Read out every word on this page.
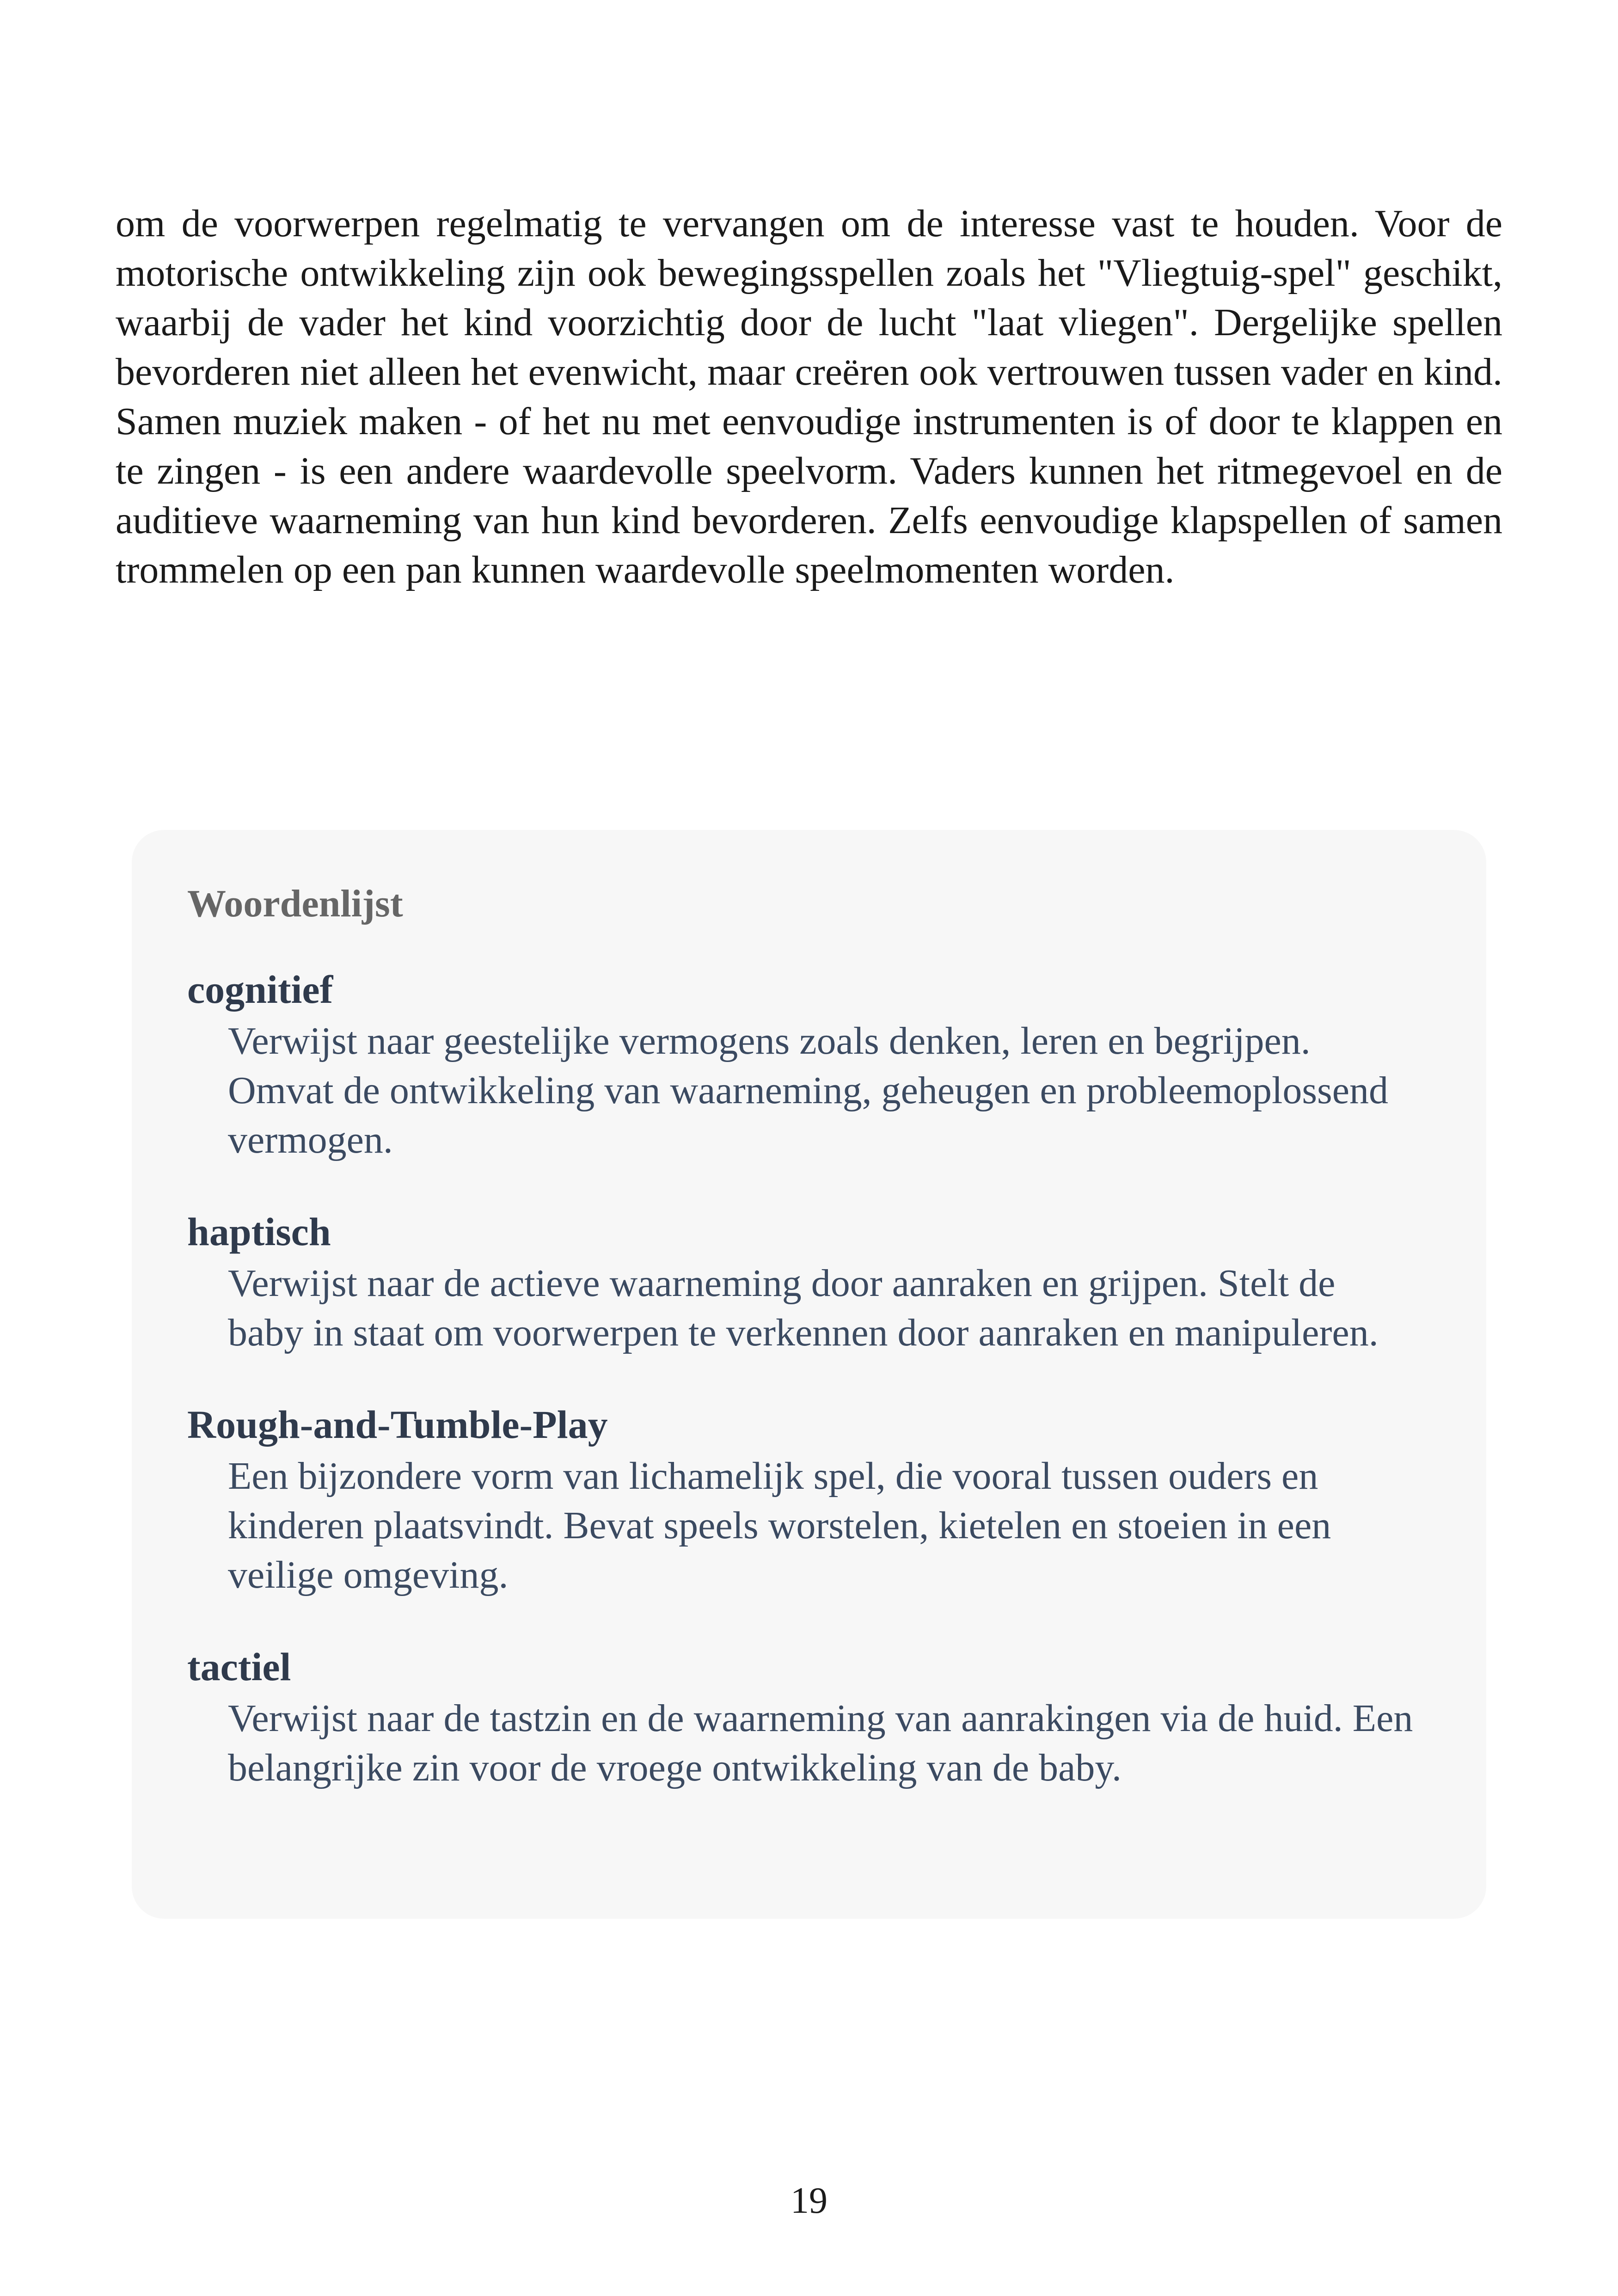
om de voorwerpen regelmatig te vervangen om de interesse vast te houden. Voor de motorische ontwikkeling zijn ook bewegingsspellen zoals het "Vliegtuig-spel" geschikt, waarbij de vader het kind voorzichtig door de lucht "laat vliegen". Dergelijke spellen bevorderen niet alleen het evenwicht, maar creëren ook vertrouwen tussen vader en kind. Samen muziek maken - of het nu met eenvoudige instrumenten is of door te klappen en te zingen - is een andere waardevolle speelvorm. Vaders kunnen het ritmegevoel en de auditieve waarneming van hun kind bevorderen. Zelfs eenvoudige klapspellen of samen trommelen op een pan kunnen waardevolle speelmomenten worden.

Woordenlijst
cognitief
Verwijst naar geestelijke vermogens zoals denken, leren en begrijpen. Omvat de ontwikkeling van waarneming, geheugen en probleemoplossend vermogen.
haptisch
Verwijst naar de actieve waarneming door aanraken en grijpen. Stelt de baby in staat om voorwerpen te verkennen door aanraken en manipuleren.
Rough-and-Tumble-Play
Een bijzondere vorm van lichamelijk spel, die vooral tussen ouders en kinderen plaatsvindt. Bevat speels worstelen, kietelen en stoeien in een veilige omgeving.
tactiel
Verwijst naar de tastzin en de waarneming van aanrakingen via de huid. Een belangrijke zin voor de vroege ontwikkeling van de baby.
19
